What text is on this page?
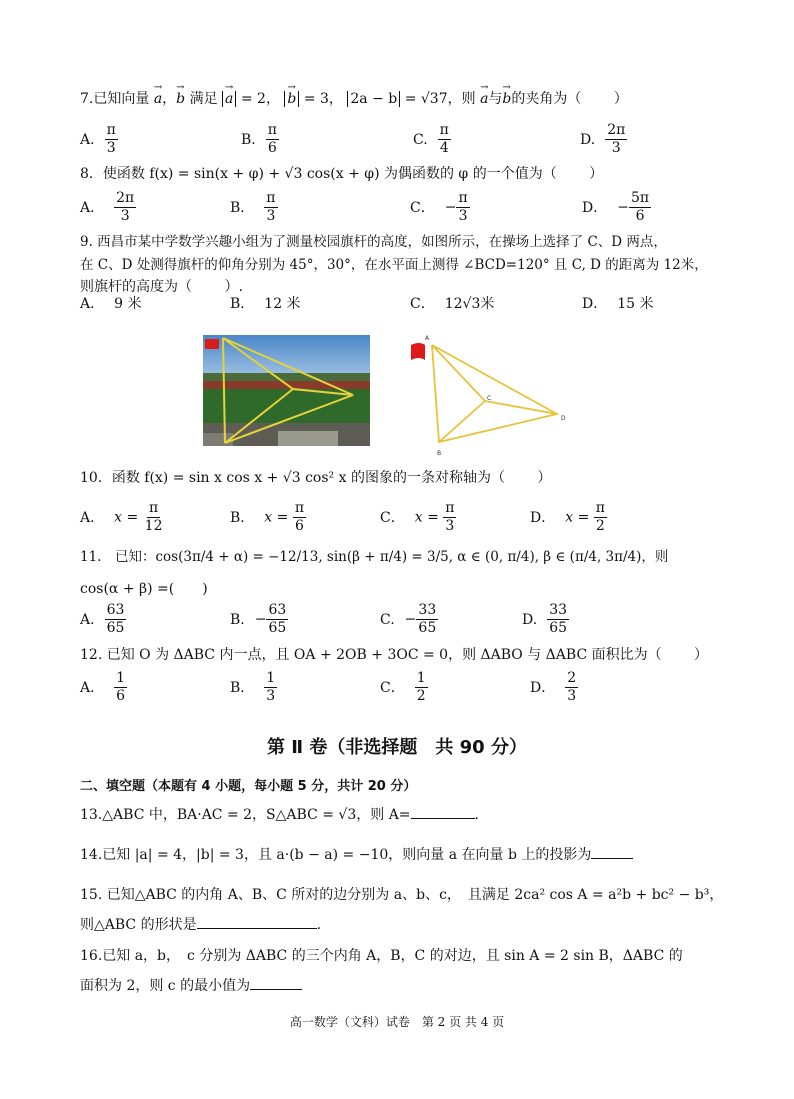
7.已知向量 → a，→ b 满足 → a = 2， → b = 3， 2a − b = √37，则 → a与→ b的夹角为（ 　　）
A. $\frac{\pi}{3}$	B. $\frac{\pi}{6}$	C. $\frac{\pi}{4}$	D. $\frac{2\pi}{3}$
8．使函数 f(x) = sin(x + φ) + √3 cos(x + φ) 为偶函数的 φ 的一个值为（ 　　）
A． $\frac{2\pi}{3}$	B． $\frac{\pi}{3}$	C． − $\frac{\pi}{3}$	D． − $\frac{5\pi}{6}$
9. 西昌市某中学数学兴趣小组为了测量校园旗杆的高度，如图所示，在操场上选择了 C、D 两点，
在 C、D 处测得旗杆的仰角分别为 45°，30°，在水平面上测得 ∠BCD=120° 且 C, D 的距离为 12米，
则旗杆的高度为（ 　　）.
A． 9 米	B． 12 米	C． 12√3米	D． 15 米
A
C
D
B
10．函数 f(x) = sin x cos x + √3 cos² x 的图象的一条对称轴为（ 　　）
A． $x = \frac{\pi}{12}$	B． $x = \frac{\pi}{6}$	C． $x = \frac{\pi}{3}$	D． $x = \frac{\pi}{2}$
11.　已知：cos(3π/4 + α) = −12/13, sin(β + π/4) = 3/5, α ∈ (0, π/4), β ∈ (π/4, 3π/4)，则
cos(α + β) =(　　)
A. $\frac{63}{65}$	B. − $\frac{63}{65}$	C. − $\frac{33}{65}$	D. $\frac{33}{65}$
12. 已知 O 为 ΔABC 内一点，且 OA + 2OB + 3OC = 0，则 ΔABO 与 ΔABC 面积比为（ 　　）
A． $\frac{1}{6}$	B． $\frac{1}{3}$	C． $\frac{1}{2}$	D． $\frac{2}{3}$
第 Ⅱ 卷（非选择题　共 90 分）
二、填空题（本题有 4 小题，每小题 5 分，共计 20 分）
13.△ABC 中，BA·AC = 2，S△ABC = √3，则 A=	.
14.已知 |a| = 4，|b| = 3，且 a·(b − a) = −10，则向量 a 在向量 b 上的投影为
15. 已知△ABC 的内角 A、B、C 所对的边分别为 a、b、c，　且满足 2ca² cos A = a²b + bc² − b³，
则△ABC 的形状是	.
16.已知 a，b，　c 分别为 ΔABC 的三个内角 A，B，C 的对边，且 sin A = 2 sin B，ΔABC 的
面积为 2，则 c 的最小值为
高一数学（文科）试卷　第 2 页 共 4 页
